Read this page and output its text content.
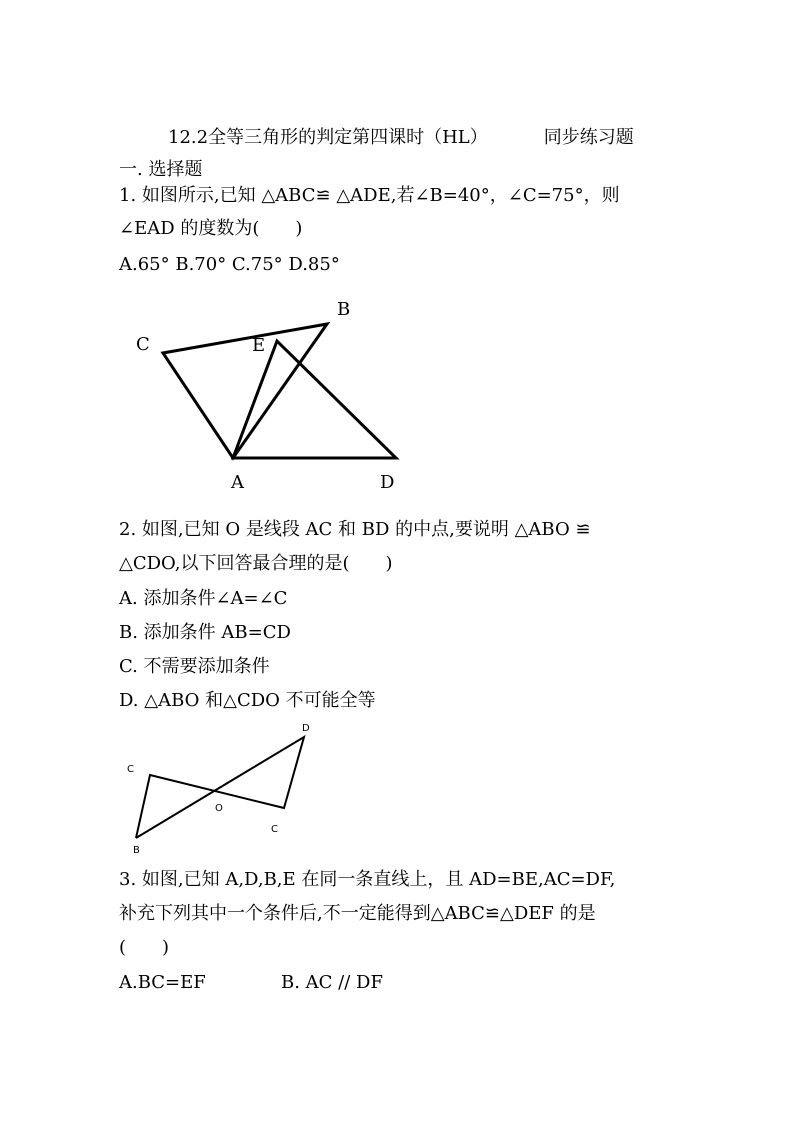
12.2全等三角形的判定第四课时（HL）	同步练习题
一. 选择题
1. 如图所示,已知 △ABC≌ △ADE,若∠B=40°，∠C=75°，则
∠EAD 的度数为(　　)
A.65° B.70° C.75° D.85°
B
C	E
A	D
2. 如图,已知 O 是线段 AC 和 BD 的中点,要说明 △ABO ≌
△CDO,以下回答最合理的是(　　)
A. 添加条件∠A=∠C
B. 添加条件 AB=CD
C. 不需要添加条件
D. △ABO 和△CDO 不可能全等
D
C
O
C
B
3. 如图,已知 A,D,B,E 在同一条直线上，且 AD=BE,AC=DF,
补充下列其中一个条件后,不一定能得到△ABC≌△DEF 的是
(　　)
A.BC=EF	B. AC // DF
